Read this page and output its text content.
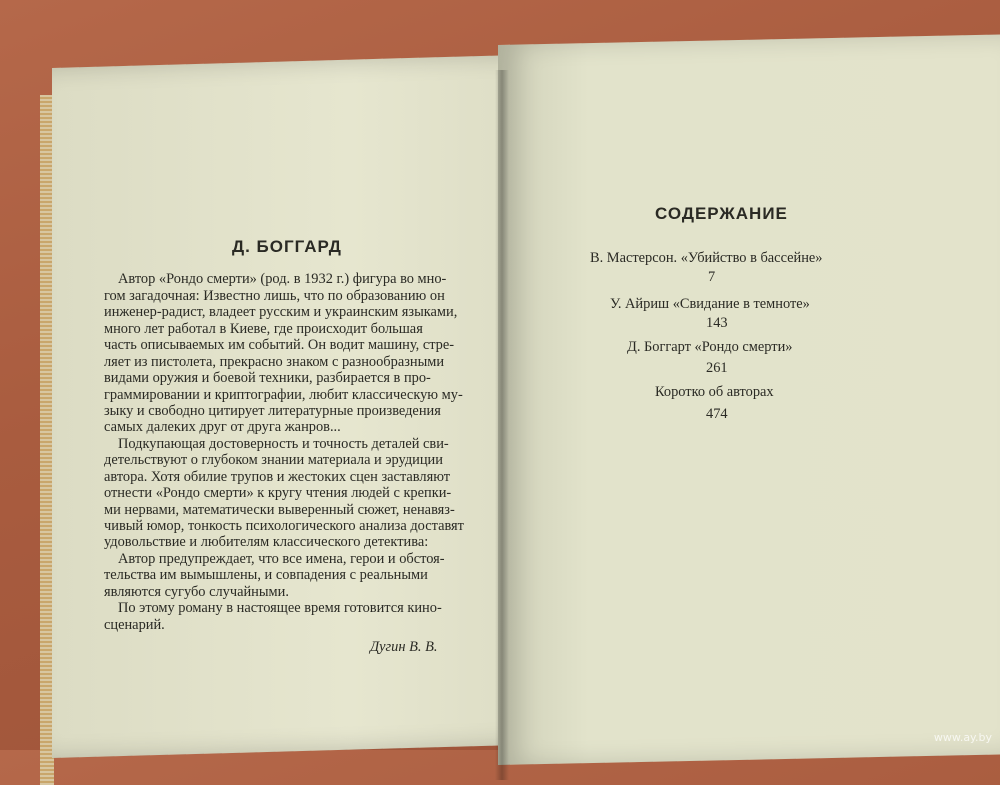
Д. БОГГАРД
Автор «Рондо смерти» (род. в 1932 г.) фигура во мно-
гом загадочная: Известно лишь, что по образованию он
инженер-радист, владеет русским и украинским языками,
много лет работал в Киеве, где происходит большая
часть описываемых им событий. Он водит машину, стре-
ляет из пистолета, прекрасно знаком с разнообразными
видами оружия и боевой техники, разбирается в про-
граммировании и криптографии, любит классическую му-
зыку и свободно цитирует литературные произведения
самых далеких друг от друга жанров...
Подкупающая достоверность и точность деталей сви-
детельствуют о глубоком знании материала и эрудиции
автора. Хотя обилие трупов и жестоких сцен заставляют
отнести «Рондо смерти» к кругу чтения людей с крепки-
ми нервами, математически выверенный сюжет, ненавяз-
чивый юмор, тонкость психологического анализа доставят
удовольствие и любителям классического детектива:
Автор предупреждает, что все имена, герои и обстоя-
тельства им вымышлены, и совпадения с реальными
являются сугубо случайными.
По этому роману в настоящее время готовится кино-
сценарий.
Дугин В. В.
СОДЕРЖАНИЕ
В. Мастерсон. «Убийство в бассейне»
7
У. Айриш «Свидание в темноте»
143
Д. Боггарт «Рондо смерти»
261
Коротко об авторах
474
www.ay.by
